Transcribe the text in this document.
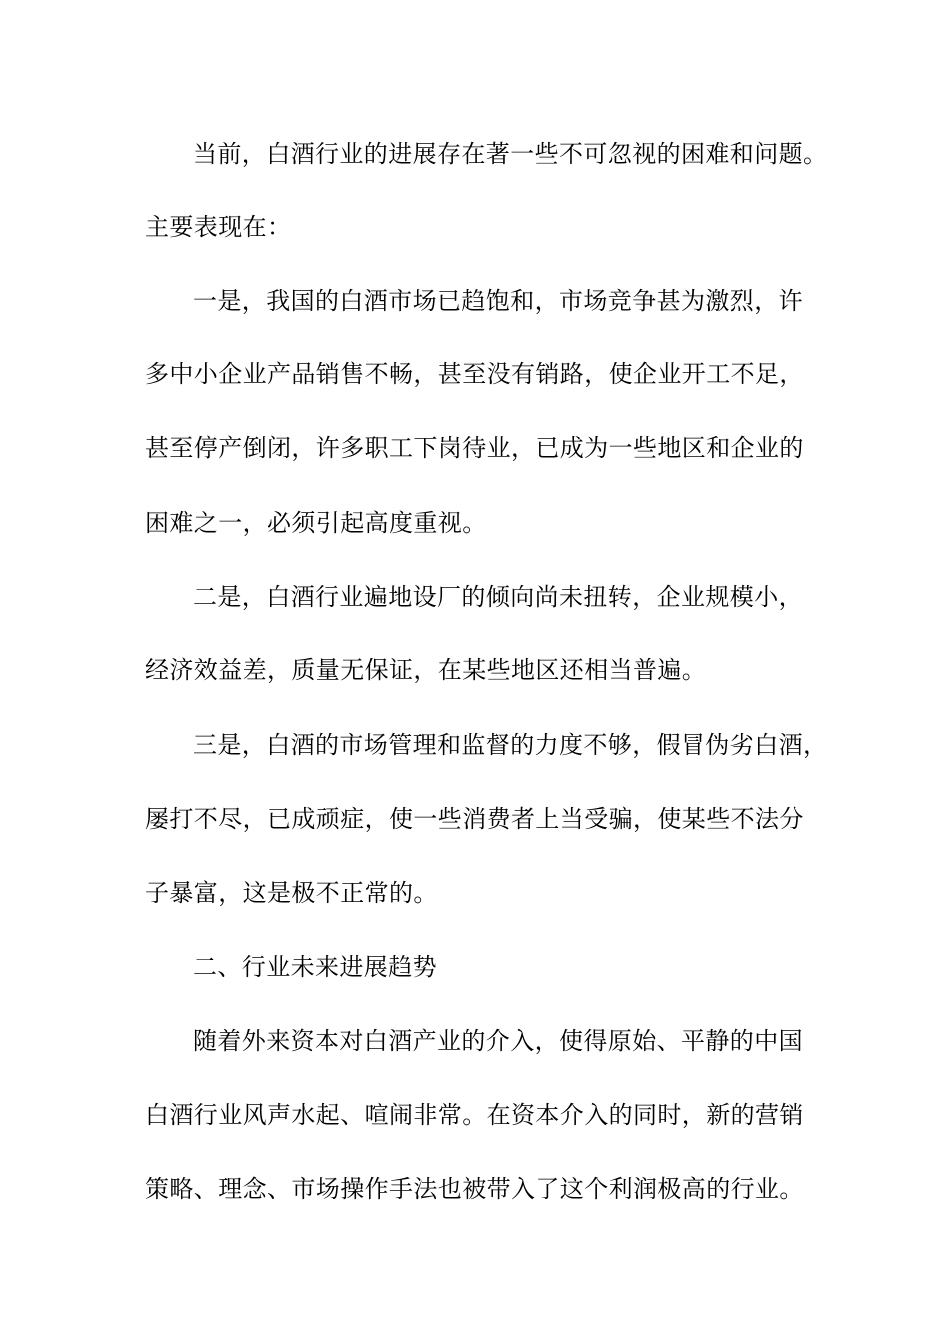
当前，白酒行业的进展存在著一些不可忽视的困难和问题。
主要表现在：
一是，我国的白酒市场已趋饱和，市场竞争甚为激烈，许
多中小企业产品销售不畅，甚至没有销路，使企业开工不足，
甚至停产倒闭，许多职工下岗待业，已成为一些地区和企业的
困难之一，必须引起高度重视。
二是，白酒行业遍地设厂的倾向尚未扭转，企业规模小，
经济效益差，质量无保证，在某些地区还相当普遍。
三是，白酒的市场管理和监督的力度不够，假冒伪劣白酒，
屡打不尽，已成顽症，使一些消费者上当受骗，使某些不法分
子暴富，这是极不正常的。
二、行业未来进展趋势
随着外来资本对白酒产业的介入，使得原始、平静的中国
白酒行业风声水起、喧闹非常。在资本介入的同时，新的营销
策略、理念、市场操作手法也被带入了这个利润极高的行业。
